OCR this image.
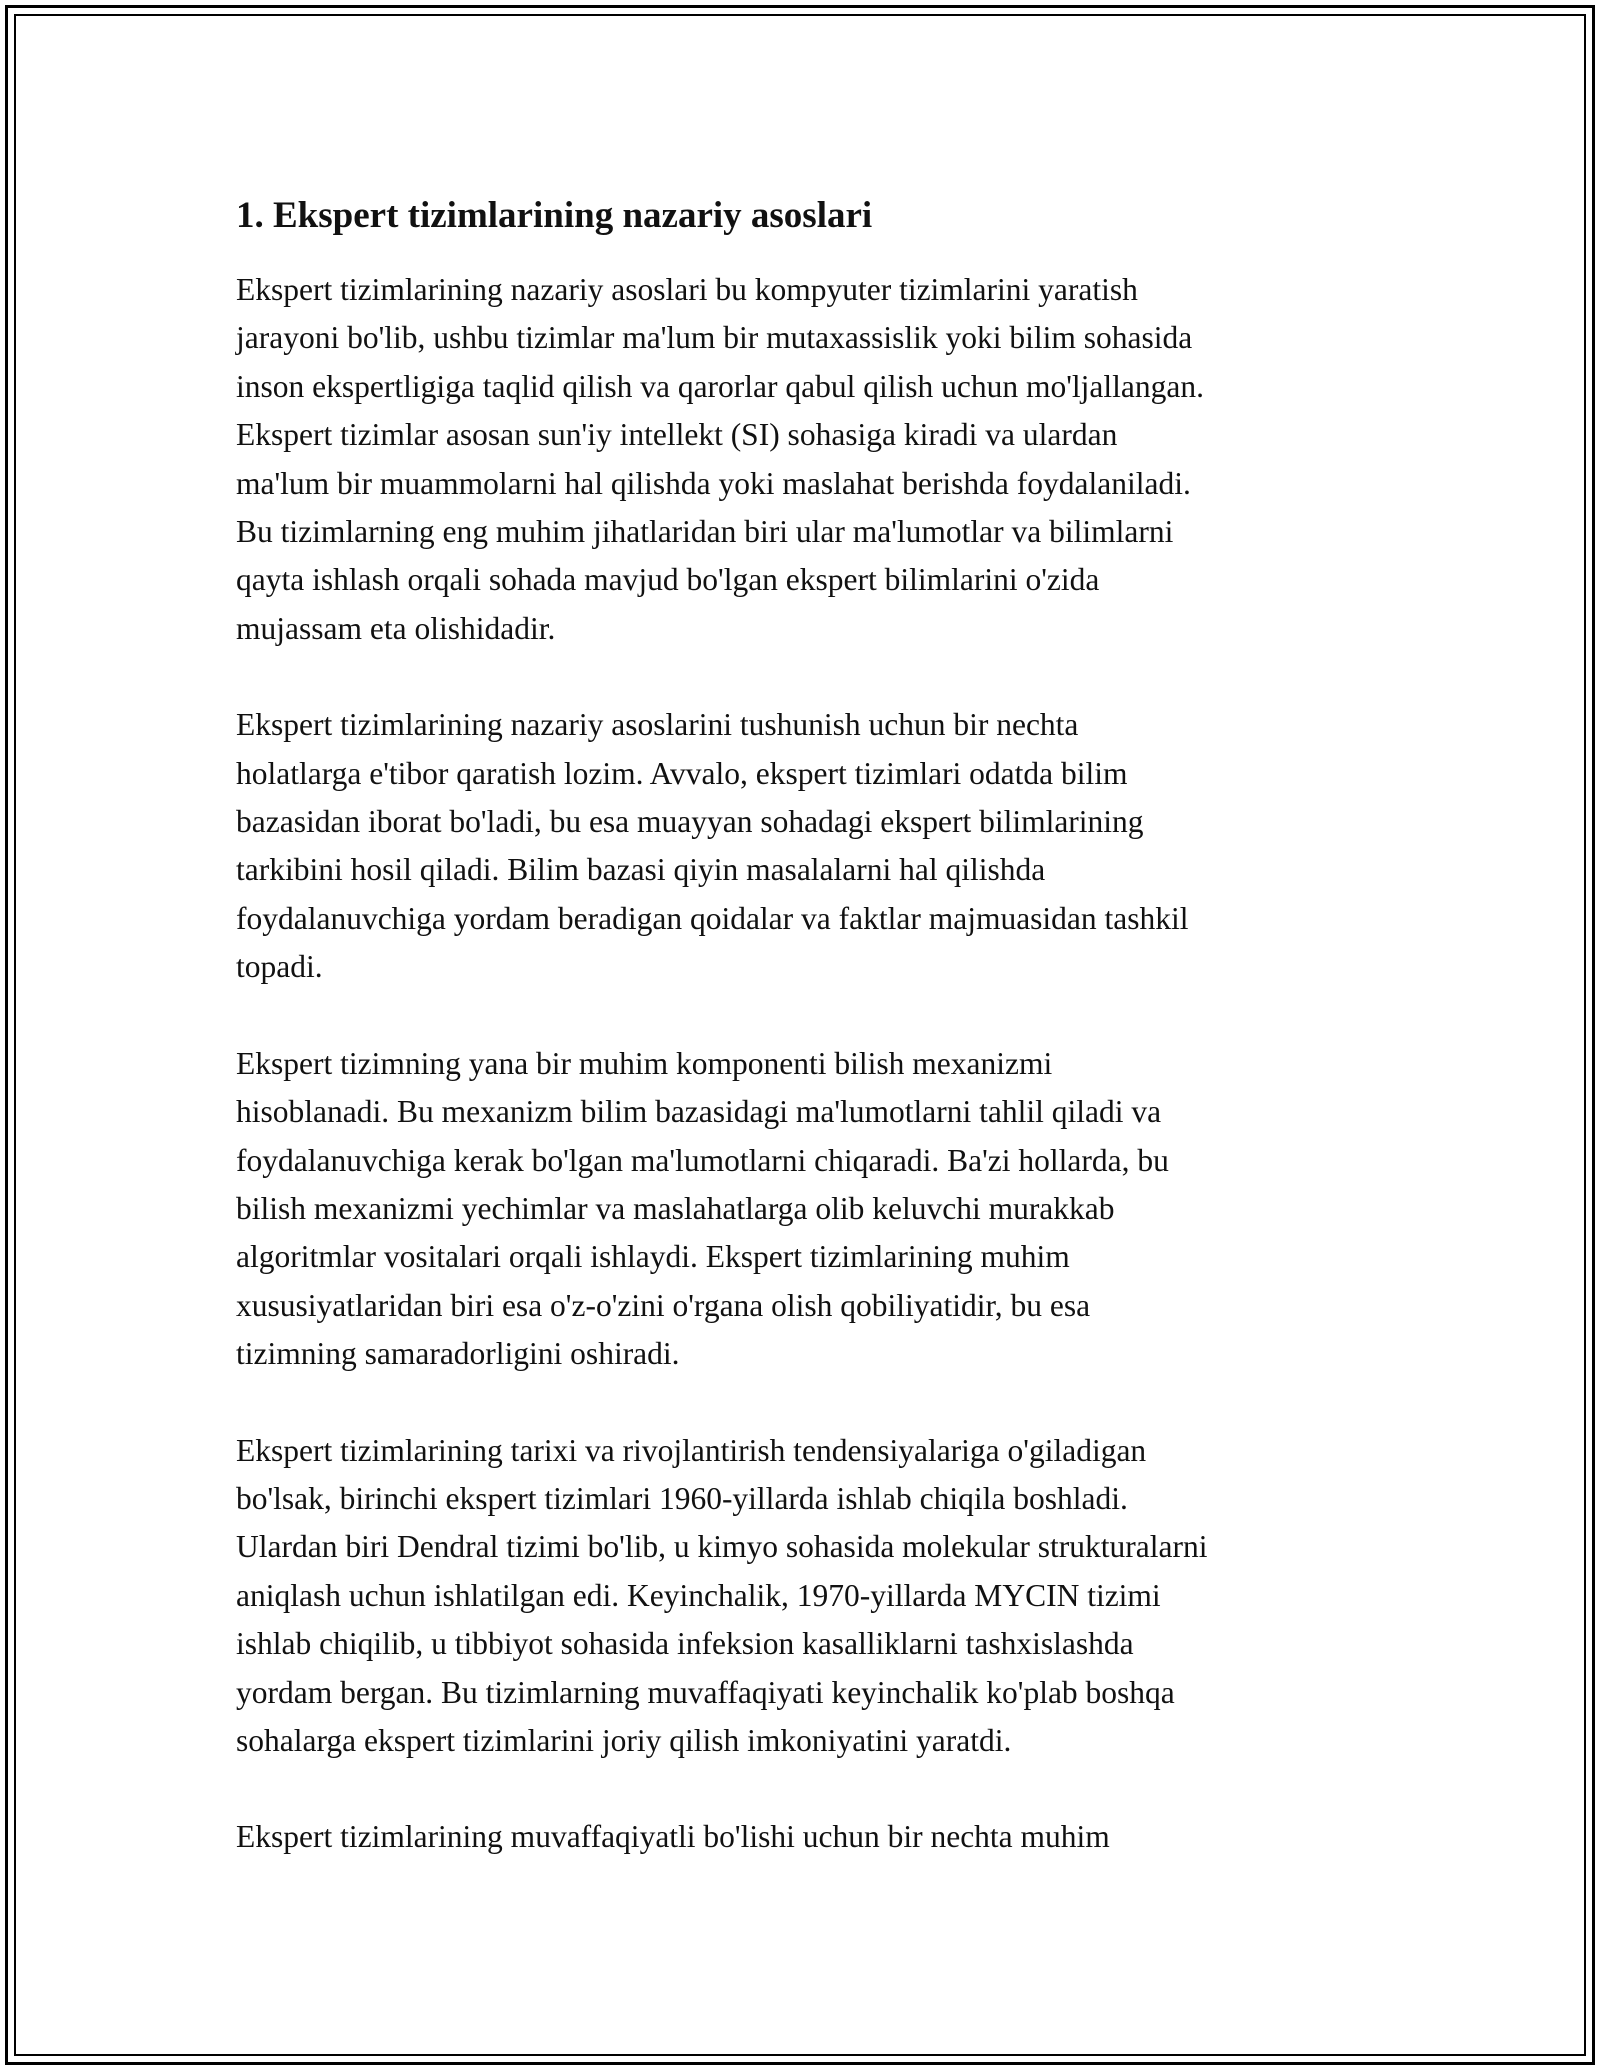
1. Ekspert tizimlarining nazariy asoslari

Ekspert tizimlarining nazariy asoslari bu kompyuter tizimlarini yaratish
jarayoni bo'lib, ushbu tizimlar ma'lum bir mutaxassislik yoki bilim sohasida
inson ekspertligiga taqlid qilish va qarorlar qabul qilish uchun mo'ljallangan.
Ekspert tizimlar asosan sun'iy intellekt (SI) sohasiga kiradi va ulardan
ma'lum bir muammolarni hal qilishda yoki maslahat berishda foydalaniladi.
Bu tizimlarning eng muhim jihatlaridan biri ular ma'lumotlar va bilimlarni
qayta ishlash orqali sohada mavjud bo'lgan ekspert bilimlarini o'zida
mujassam eta olishidadir.

Ekspert tizimlarining nazariy asoslarini tushunish uchun bir nechta
holatlarga e'tibor qaratish lozim. Avvalo, ekspert tizimlari odatda bilim
bazasidan iborat bo'ladi, bu esa muayyan sohadagi ekspert bilimlarining
tarkibini hosil qiladi. Bilim bazasi qiyin masalalarni hal qilishda
foydalanuvchiga yordam beradigan qoidalar va faktlar majmuasidan tashkil
topadi.

Ekspert tizimning yana bir muhim komponenti bilish mexanizmi
hisoblanadi. Bu mexanizm bilim bazasidagi ma'lumotlarni tahlil qiladi va
foydalanuvchiga kerak bo'lgan ma'lumotlarni chiqaradi. Ba'zi hollarda, bu
bilish mexanizmi yechimlar va maslahatlarga olib keluvchi murakkab
algoritmlar vositalari orqali ishlaydi. Ekspert tizimlarining muhim
xususiyatlaridan biri esa o'z-o'zini o'rgana olish qobiliyatidir, bu esa
tizimning samaradorligini oshiradi.

Ekspert tizimlarining tarixi va rivojlantirish tendensiyalariga o'giladigan
bo'lsak, birinchi ekspert tizimlari 1960-yillarda ishlab chiqila boshladi.
Ulardan biri Dendral tizimi bo'lib, u kimyo sohasida molekular strukturalarni
aniqlash uchun ishlatilgan edi. Keyinchalik, 1970-yillarda MYCIN tizimi
ishlab chiqilib, u tibbiyot sohasida infeksion kasalliklarni tashxislashda
yordam bergan. Bu tizimlarning muvaffaqiyati keyinchalik ko'plab boshqa
sohalarga ekspert tizimlarini joriy qilish imkoniyatini yaratdi.

Ekspert tizimlarining muvaffaqiyatli bo'lishi uchun bir nechta muhim
